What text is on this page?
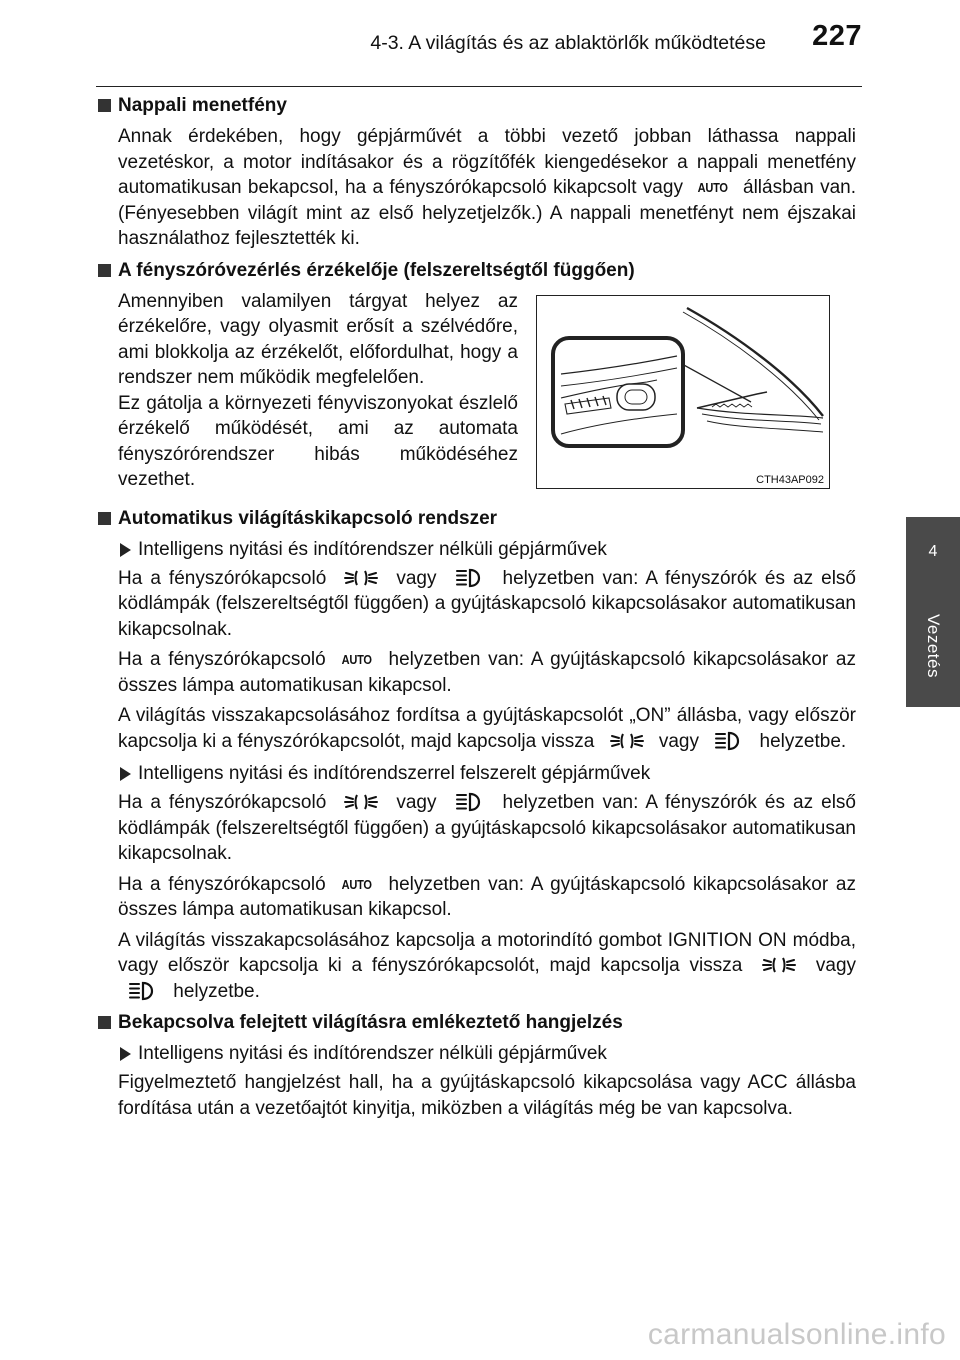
4-3. A világítás és az ablaktörlők működtetése 227
4
Vezetés
Nappali menetfény
Annak érdekében, hogy gépjárművét a többi vezető jobban láthassa nappali vezetéskor, a motor indításakor és a rögzítőfék kiengedésekor a nappali menetfény automatikusan bekapcsol, ha a fényszórókapcsoló kikapcsolt vagy AUTO állásban van. (Fényesebben világít mint az első helyzetjelzők.) A nappali menetfényt nem éjszakai használathoz fejlesztették ki.
A fényszóróvezérlés érzékelője (felszereltségtől függően)
Amennyiben valamilyen tárgyat helyez az érzékelőre, vagy olyasmit erősít a szélvédőre, ami blokkolja az érzékelőt, előfordulhat, hogy a rendszer nem működik megfelelően.
Ez gátolja a környezeti fényviszonyokat észlelő érzékelő működését, ami az automata fényszórórendszer hibás működéséhez vezethet.	CTH43AP092
Automatikus világításkikapcsoló rendszer
Intelligens nyitási és indítórendszer nélküli gépjárművek
Ha a fényszórókapcsoló	vagy	helyzetben van: A fényszórók és az első ködlámpák (felszereltségtől függően) a gyújtáskapcsoló kikapcsolásakor automatikusan kikapcsolnak.
Ha a fényszórókapcsoló AUTO helyzetben van: A gyújtáskapcsoló kikapcsolásakor az összes lámpa automatikusan kikapcsol.
A világítás visszakapcsolásához fordítsa a gyújtáskapcsolót „ON” állásba, vagy először kapcsolja ki a fényszórókapcsolót, majd kapcsolja vissza	vagy	helyzetbe.
Intelligens nyitási és indítórendszerrel felszerelt gépjárművek
Ha a fényszórókapcsoló	vagy	helyzetben van: A fényszórók és az első ködlámpák (felszereltségtől függően) a gyújtáskapcsoló kikapcsolásakor automatikusan kikapcsolnak.
Ha a fényszórókapcsoló AUTO helyzetben van: A gyújtáskapcsoló kikapcsolásakor az összes lámpa automatikusan kikapcsol.
A világítás visszakapcsolásához kapcsolja a motorindító gombot IGNITION ON módba, vagy először kapcsolja ki a fényszórókapcsolót, majd kapcsolja vissza	vagy  helyzetbe.
Bekapcsolva felejtett világításra emlékeztető hangjelzés
Intelligens nyitási és indítórendszer nélküli gépjárművek
Figyelmeztető hangjelzést hall, ha a gyújtáskapcsoló kikapcsolása vagy ACC állásba fordítása után a vezetőajtót kinyitja, miközben a világítás még be van kapcsolva.
carmanualsonline.info
